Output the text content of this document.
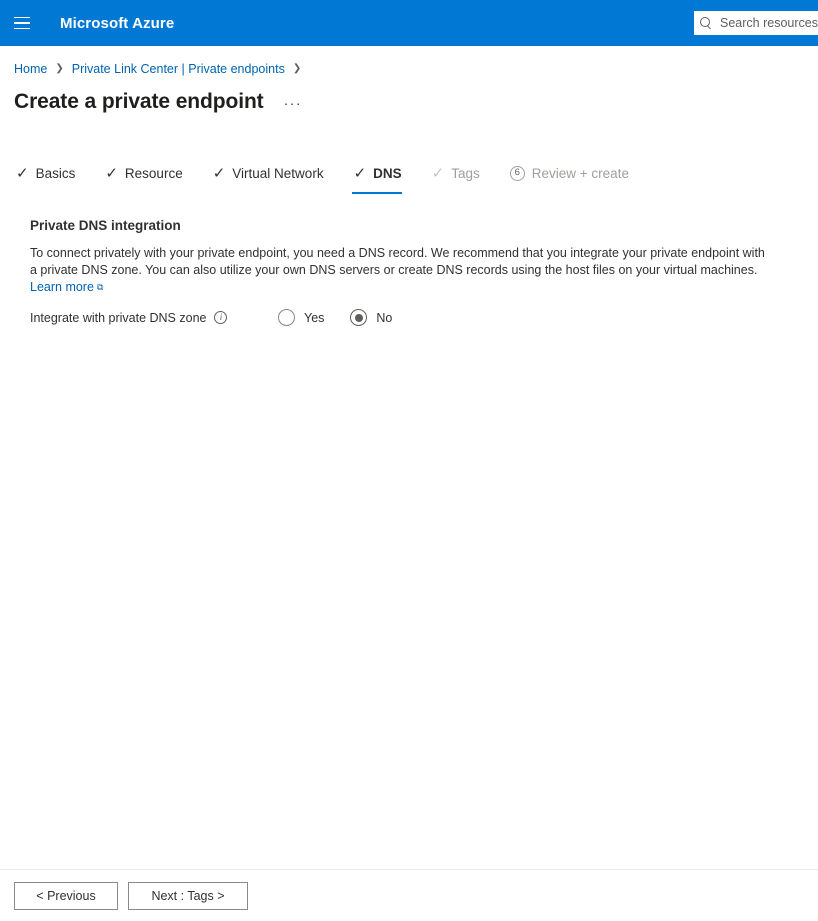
Microsoft Azure
Search resources
Home ❯ Private Link Center | Private endpoints ❯
Create a private endpoint ···
✓ Basics ✓ Resource ✓ Virtual Network ✓ DNS ✓ Tags	6 Review + create
Private DNS integration

To connect privately with your private endpoint, you need a DNS record. We recommend that you integrate your private endpoint with a private DNS zone. You can also utilize your own DNS servers or create DNS records using the host files on your virtual machines. Learn more ⧉

Integrate with private DNS zone	i	Yes	No
< Previous	Next : Tags >
